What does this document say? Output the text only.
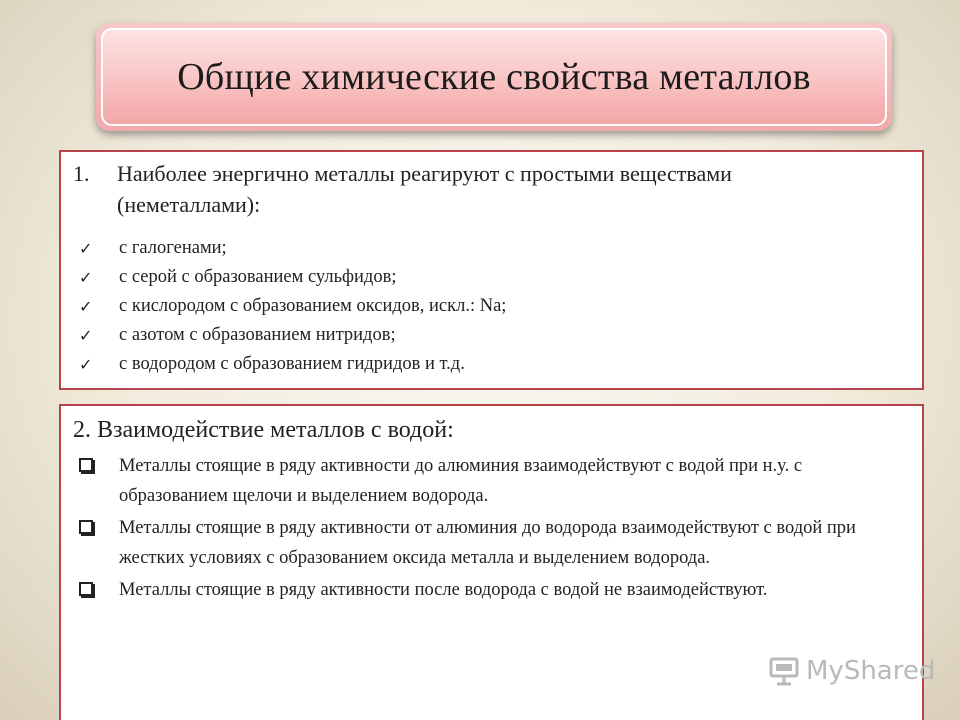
Общие химические свойства металлов
1.	Наиболее энергично металлы реагируют с простыми веществами (неметаллами):
✓	с галогенами;
✓	с серой с образованием сульфидов;
✓	с кислородом с образованием оксидов, искл.: Na;
✓	с азотом с образованием нитридов;
✓	с водородом с образованием гидридов и т.д.
2. Взаимодействие металлов с водой:
Металлы стоящие в ряду активности до алюминия взаимодействуют с водой при н.у. с образованием щелочи и выделением водорода.
Металлы стоящие в ряду активности от алюминия до водорода взаимодействуют с водой при жестких условиях с образованием оксида металла и выделением водорода.
Металлы стоящие в ряду активности после водорода с водой не взаимодействуют.
MyShared
